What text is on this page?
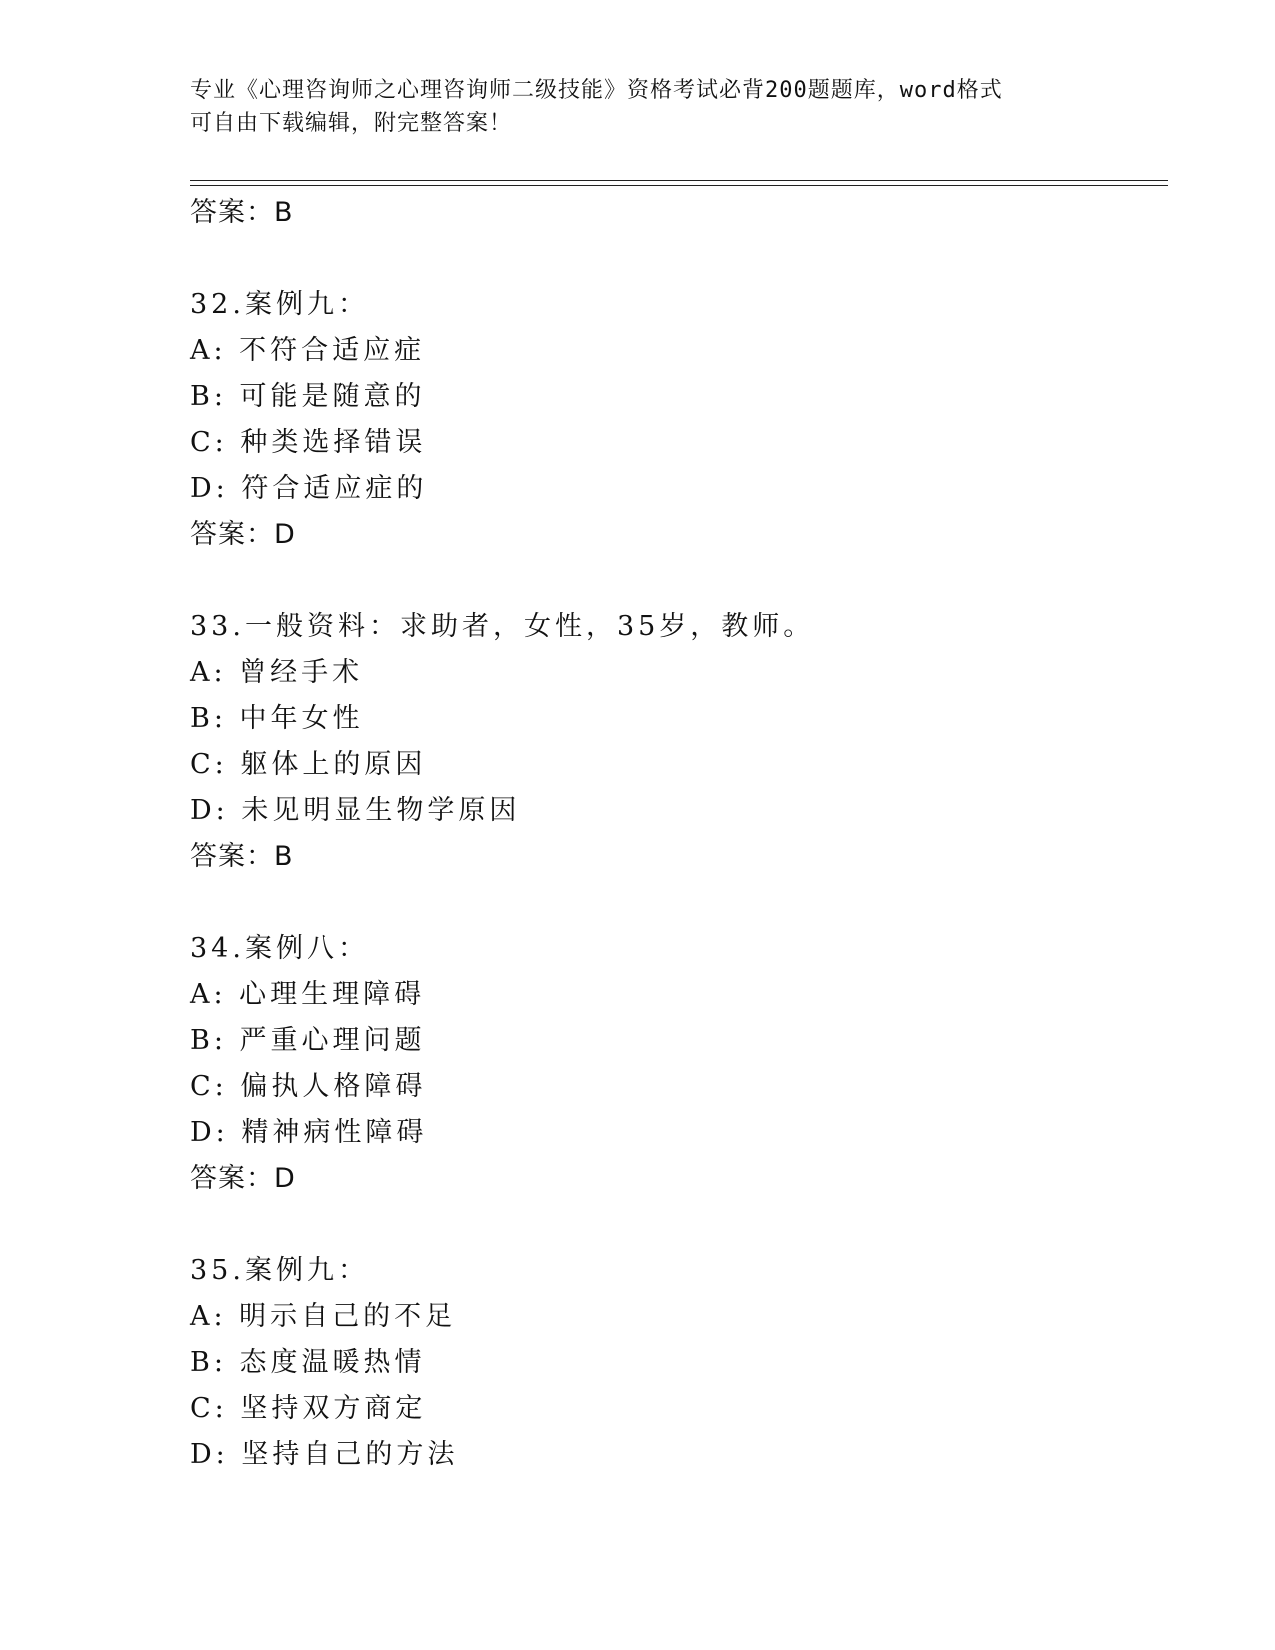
专业《心理咨询师之心理咨询师二级技能》资格考试必背200题题库，word格式
可自由下载编辑，附完整答案！
答案：B
32.案例九：
A: 不符合适应症
B: 可能是随意的
C: 种类选择错误
D: 符合适应症的
答案：D
33.一般资料：求助者，女性，35岁，教师。
A: 曾经手术
B: 中年女性
C: 躯体上的原因
D: 未见明显生物学原因
答案：B
34.案例八：
A: 心理生理障碍
B: 严重心理问题
C: 偏执人格障碍
D: 精神病性障碍
答案：D
35.案例九：
A: 明示自己的不足
B: 态度温暖热情
C: 坚持双方商定
D: 坚持自己的方法
